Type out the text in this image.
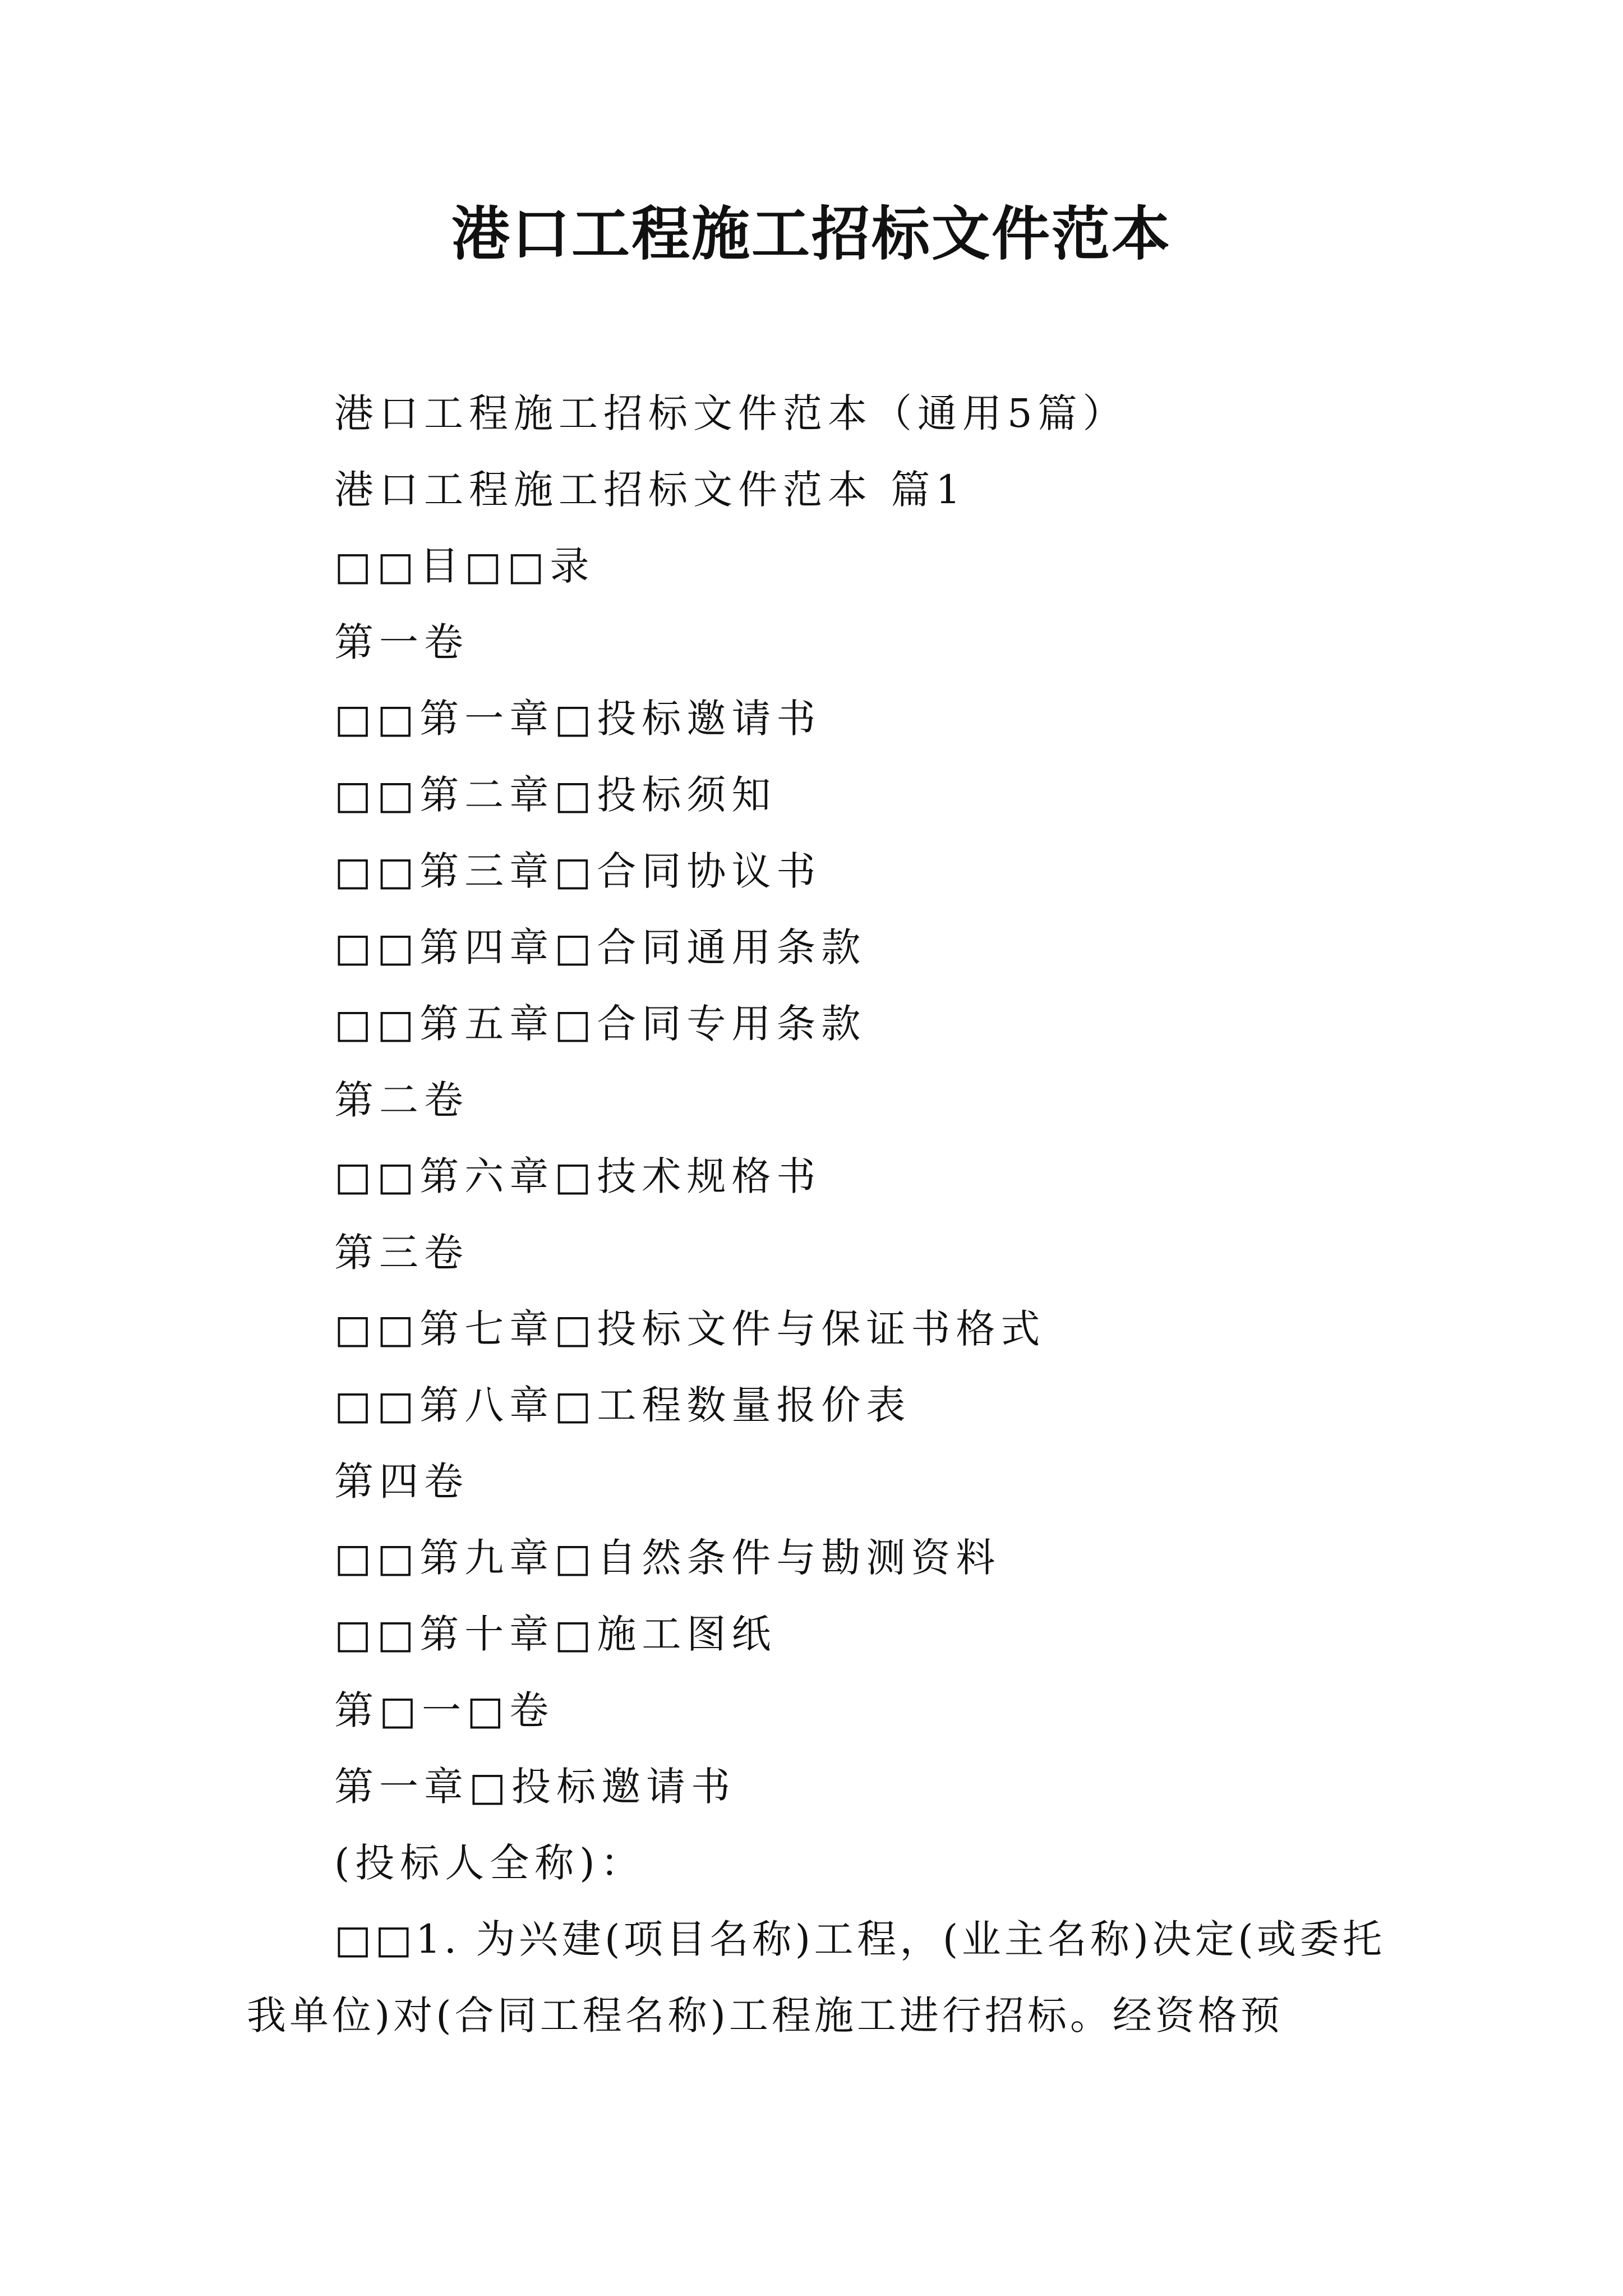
港口工程施工招标文件范本

港口工程施工招标文件范本（通用5篇）

港口工程施工招标文件范本 篇1

□□目□□录

第一卷

□□第一章□投标邀请书

□□第二章□投标须知

□□第三章□合同协议书

□□第四章□合同通用条款

□□第五章□合同专用条款

第二卷

□□第六章□技术规格书

第三卷

□□第七章□投标文件与保证书格式

□□第八章□工程数量报价表

第四卷

□□第九章□自然条件与勘测资料

□□第十章□施工图纸

第□一□卷

第一章□投标邀请书

(投标人全称)：

□□1. 为兴建(项目名称)工程，(业主名称)决定(或委托我单位)对(合同工程名称)工程施工进行招标。经资格预
